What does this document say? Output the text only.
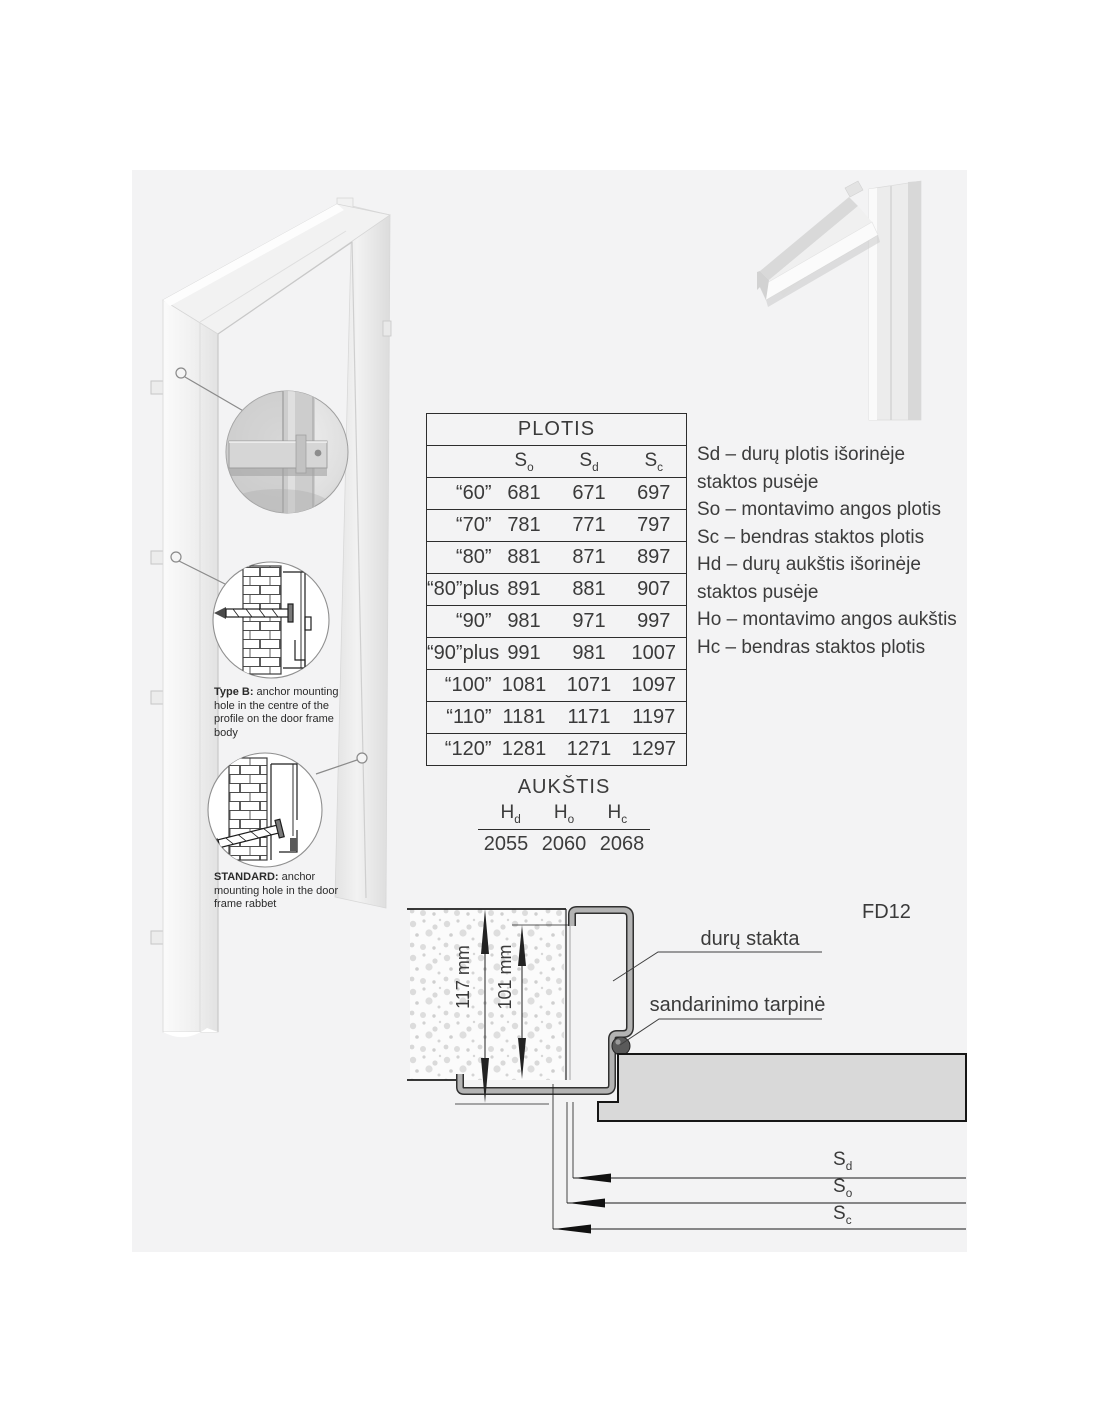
PLOTIS			
	$S_o$	$S_d$	$S_c$
“60”	681	671	697
“70”	781	771	797
“80”	881	871	897
“80”plus	891	881	907
“90”	981	971	997
“90”plus	991	981	1007
“100”	1081	1071	1097
“110”	1181	1171	1197
“120”	1281	1271	1297
AUKŠTIS
$H_d$	$H_o$	$H_c$
2055 2060 2068
Sd – durų plotis išorinėje staktos pusėje
So – montavimo angos plotis
Sc – bendras staktos plotis
Hd – durų aukštis išorinėje staktos pusėje
Ho – montavimo angos aukštis
Hc – bendras staktos plotis
Type B: anchor mounting hole in the centre of the profile on the door frame body
STANDARD: anchor mounting hole in the door frame rabbet	FD12
durų stakta
sandarinimo tarpinė
117 mm 101 mm
$S_d$
$S_o$
$S_c$
